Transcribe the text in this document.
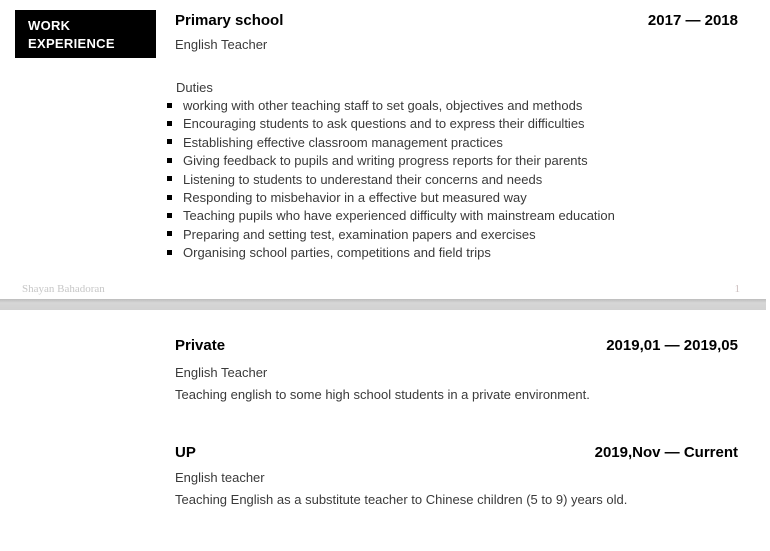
WORK
EXPERIENCE
Primary school	2017 — 2018
English Teacher
Duties
working with other teaching staff to set goals, objectives and methods
Encouraging students to ask questions and to express their difficulties
Establishing effective classroom management practices
Giving feedback to pupils and writing progress reports for their parents
Listening to students to underestand their concerns and needs
Responding to misbehavior in a effective but measured way
Teaching pupils who have experienced difficulty with mainstream education
Preparing and setting test, examination papers and exercises
Organising school parties, competitions and field trips
Shayan Bahadoran	1
Private	2019,01 — 2019,05
English Teacher
Teaching english to some high school students in a private environment.
UP	2019,Nov — Current
English teacher
Teaching English as a substitute teacher to Chinese children (5 to 9) years old.
